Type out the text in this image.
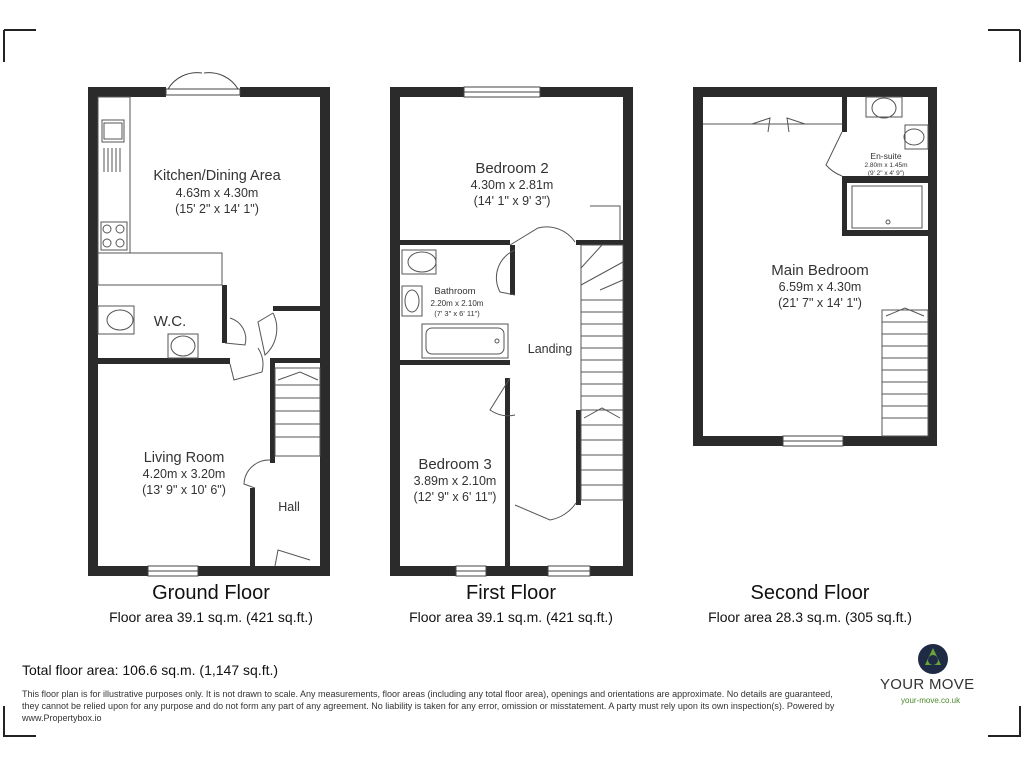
Kitchen/Dining Area
4.63m x 4.30m
(15' 2" x 14' 1")
W.C.
Living Room
4.20m x 3.20m
(13' 9" x 10' 6")
Hall
Bedroom 2
4.30m x 2.81m
(14' 1" x 9' 3")
Bathroom
2.20m x 2.10m
(7' 3" x 6' 11")
Landing
Bedroom 3
3.89m x 2.10m
(12' 9" x 6' 11")
Main Bedroom
6.59m x 4.30m
(21' 7" x 14' 1")
En-suite
2.80m x 1.45m
(9' 2" x 4' 9")
Ground Floor
Floor area 39.1 sq.m. (421 sq.ft.)
First Floor
Floor area 39.1 sq.m. (421 sq.ft.)
Second Floor
Floor area 28.3 sq.m. (305 sq.ft.)
Total floor area: 106.6 sq.m. (1,147 sq.ft.)
This floor plan is for illustrative purposes only. It is not drawn to scale. Any measurements, floor areas (including any total floor area), openings and orientations are approximate. No details are guaranteed, they cannot be relied upon for any purpose and do not form any part of any agreement. No liability is taken for any error, omission or misstatement. A party must rely upon its own inspection(s). Powered by www.Propertybox.io
YOUR MOVE
your-move.co.uk
